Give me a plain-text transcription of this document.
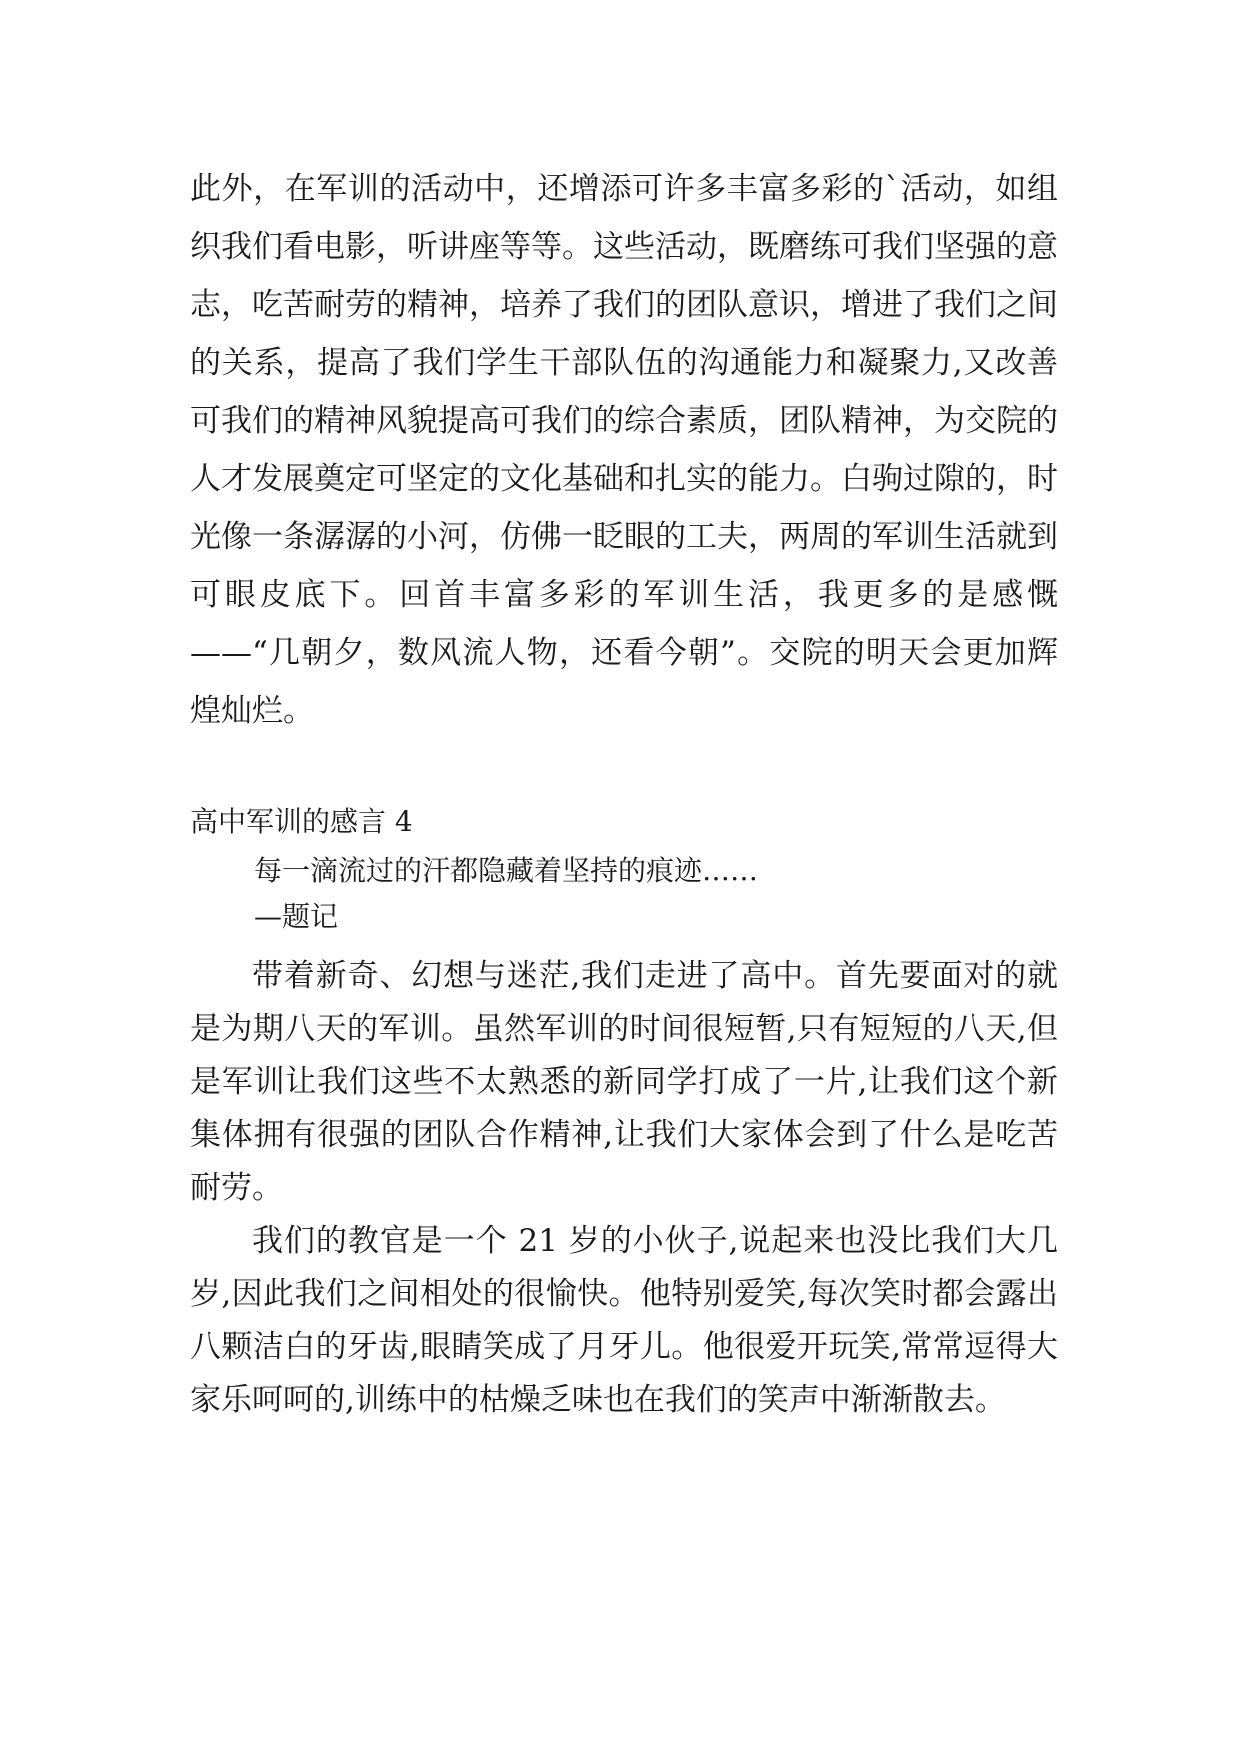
此外，在军训的活动中，还增添可许多丰富多彩的`活动，如组织我们看电影，听讲座等等。这些活动，既磨练可我们坚强的意志，吃苦耐劳的精神，培养了我们的团队意识，增进了我们之间的关系，提高了我们学生干部队伍的沟通能力和凝聚力,又改善可我们的精神风貌提高可我们的综合素质，团队精神，为交院的人才发展奠定可坚定的文化基础和扎实的能力。白驹过隙的，时光像一条潺潺的小河，仿佛一眨眼的工夫，两周的军训生活就到可眼皮底下。回首丰富多彩的军训生活，我更多的是感慨——“几朝夕，数风流人物，还看今朝”。交院的明天会更加辉煌灿烂。

高中军训的感言 4
每一滴流过的汗都隐藏着坚持的痕迹……
—题记

带着新奇、幻想与迷茫,我们走进了高中。首先要面对的就是为期八天的军训。虽然军训的时间很短暂,只有短短的八天,但是军训让我们这些不太熟悉的新同学打成了一片,让我们这个新集体拥有很强的团队合作精神,让我们大家体会到了什么是吃苦耐劳。

我们的教官是一个 21 岁的小伙子,说起来也没比我们大几岁,因此我们之间相处的很愉快。他特别爱笑,每次笑时都会露出八颗洁白的牙齿,眼睛笑成了月牙儿。他很爱开玩笑,常常逗得大家乐呵呵的,训练中的枯燥乏味也在我们的笑声中渐渐散去。
